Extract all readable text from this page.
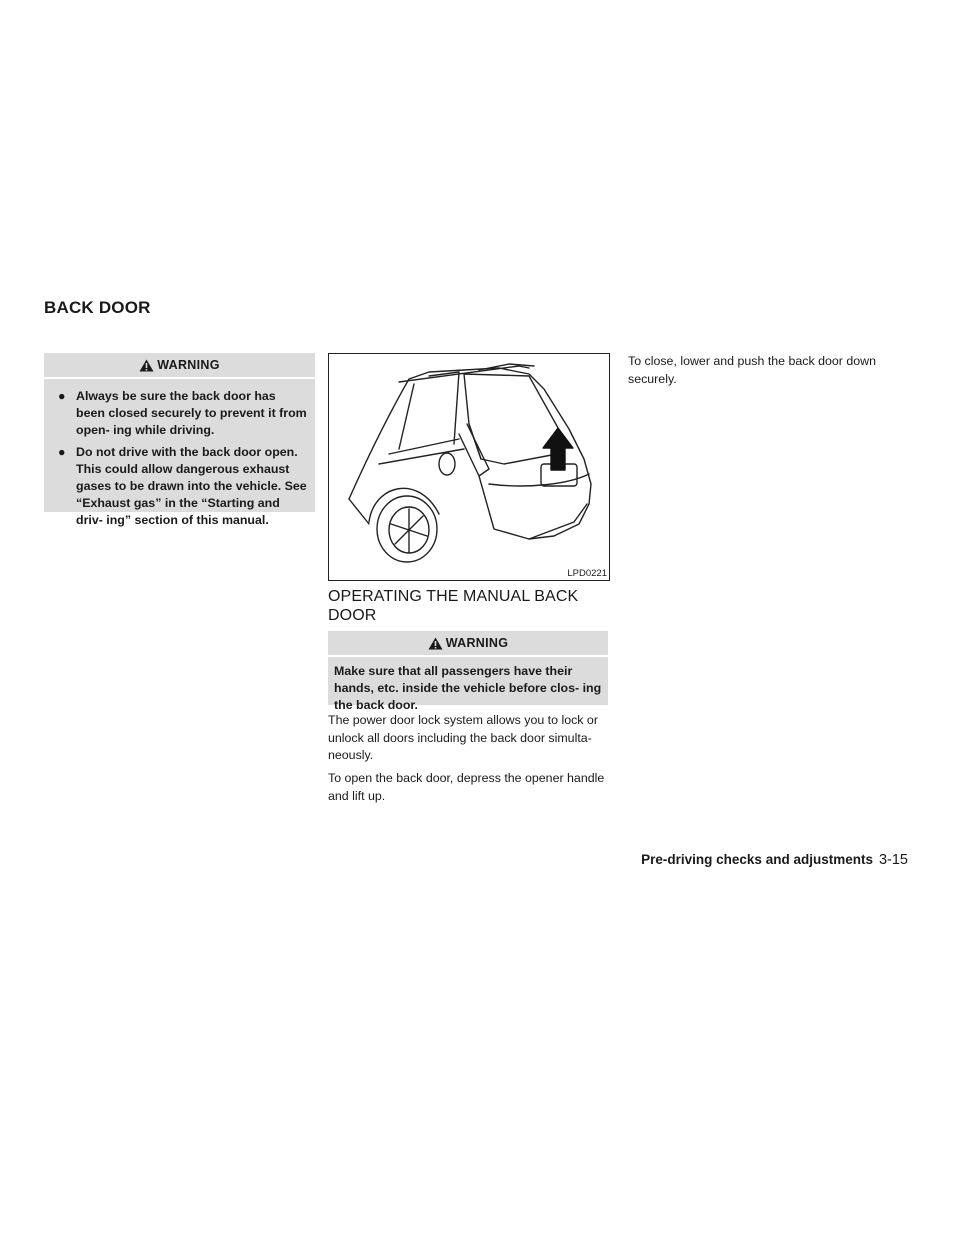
BACK DOOR
WARNING
● Always be sure the back door has been closed securely to prevent it from open- ing while driving.
● Do not drive with the back door open. This could allow dangerous exhaust gases to be drawn into the vehicle. See “Exhaust gas” in the “Starting and driv- ing” section of this manual.
LPD0221
OPERATING THE MANUAL BACK DOOR
WARNING
Make sure that all passengers have their hands, etc. inside the vehicle before clos- ing the back door.
The power door lock system allows you to lock or unlock all doors including the back door simulta- neously.
To open the back door, depress the opener handle and lift up.
To close, lower and push the back door down securely.
Pre-driving checks and adjustments 3-15
